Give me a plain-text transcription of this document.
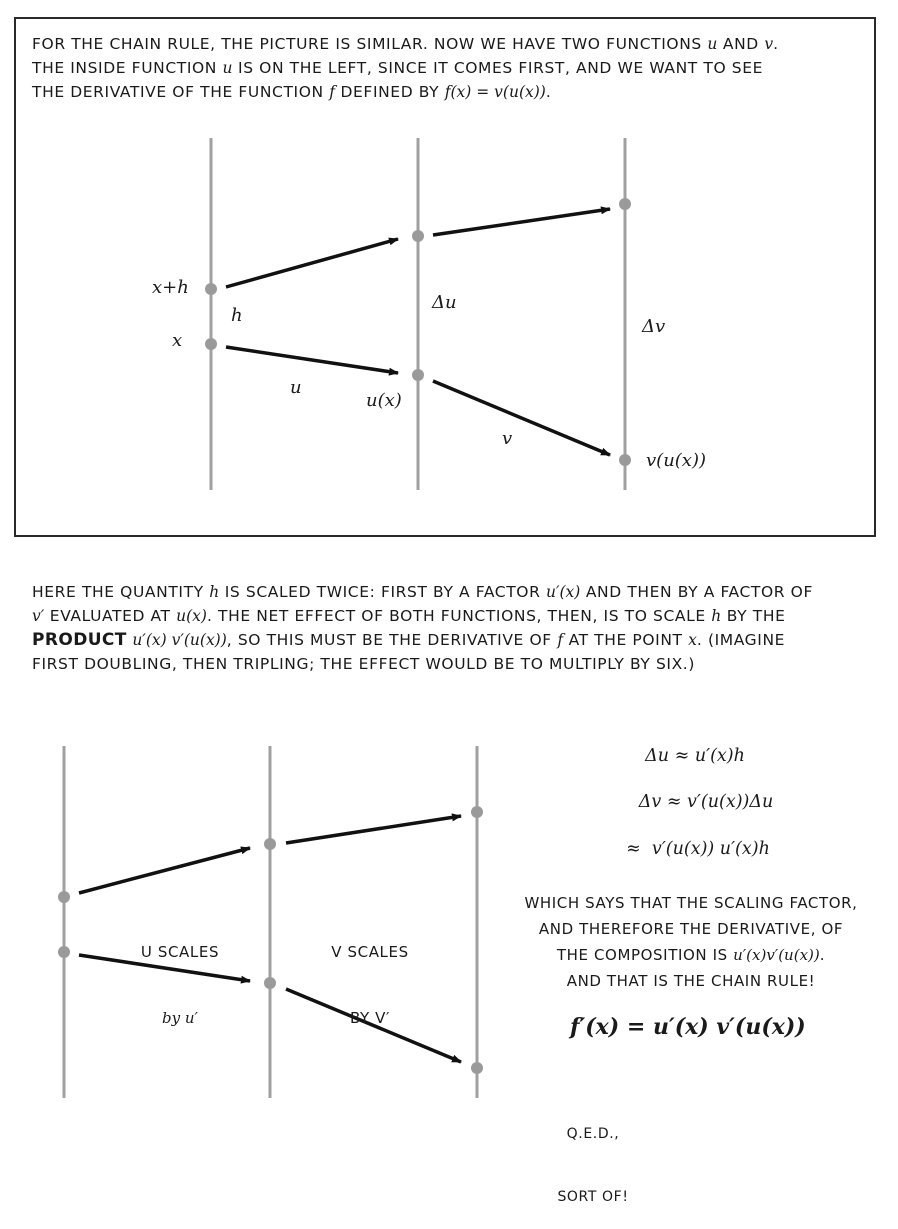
FOR THE CHAIN RULE, THE PICTURE IS SIMILAR. NOW WE HAVE TWO FUNCTIONS u AND v.
THE INSIDE FUNCTION u IS ON THE LEFT, SINCE IT COMES FIRST, AND WE WANT TO SEE
THE DERIVATIVE OF THE FUNCTION f DEFINED BY f(x) = v(u(x)).
x+h
h
x
u
u(x)
Δu
v
Δv
v(u(x))
HERE THE QUANTITY h IS SCALED TWICE: FIRST BY A FACTOR u′(x) AND THEN BY A FACTOR OF
v′ EVALUATED AT u(x). THE NET EFFECT OF BOTH FUNCTIONS, THEN, IS TO SCALE h BY THE
PRODUCT u′(x) v′(u(x)), SO THIS MUST BE THE DERIVATIVE OF f AT THE POINT x. (IMAGINE
FIRST DOUBLING, THEN TRIPLING; THE EFFECT WOULD BE TO MULTIPLY BY SIX.)

U SCALES

by u′

V SCALES

BY V′

Δu ≈ u′(x)h
Δv ≈ v′(u(x))Δu
≈  v′(u(x)) u′(x)h
WHICH SAYS THAT THE SCALING FACTOR,
AND THEREFORE THE DERIVATIVE, OF
THE COMPOSITION IS u′(x)v′(u(x)).
AND THAT IS THE CHAIN RULE!
f′(x) = u′(x) v′(u(x))

Q.E.D.,

SORT OF!
